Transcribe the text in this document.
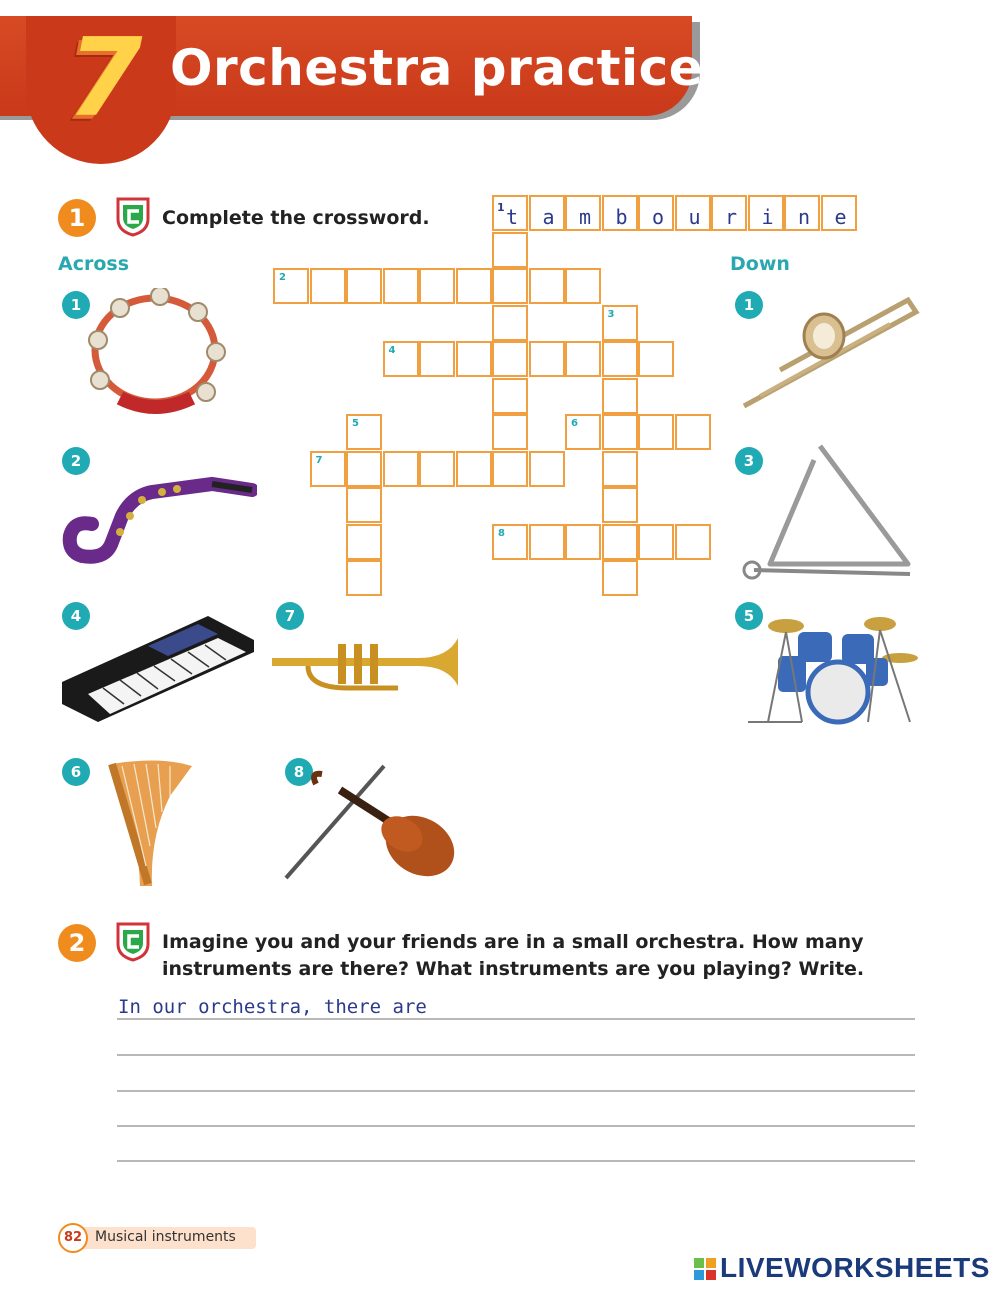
7 Orchestra practice
1	Complete the crossword.
Across	Down
1
2
4	7
6	8
1
3
5
1 t	a	m	b	o	u	r	i	n	e
8
2
3
4
6
5
7
2	Imagine you and your friends are in a small orchestra. How many
instruments are there? What instruments are you playing? Write.
In our orchestra, there are
82 Musical instruments
LIVEWORKSHEETS
